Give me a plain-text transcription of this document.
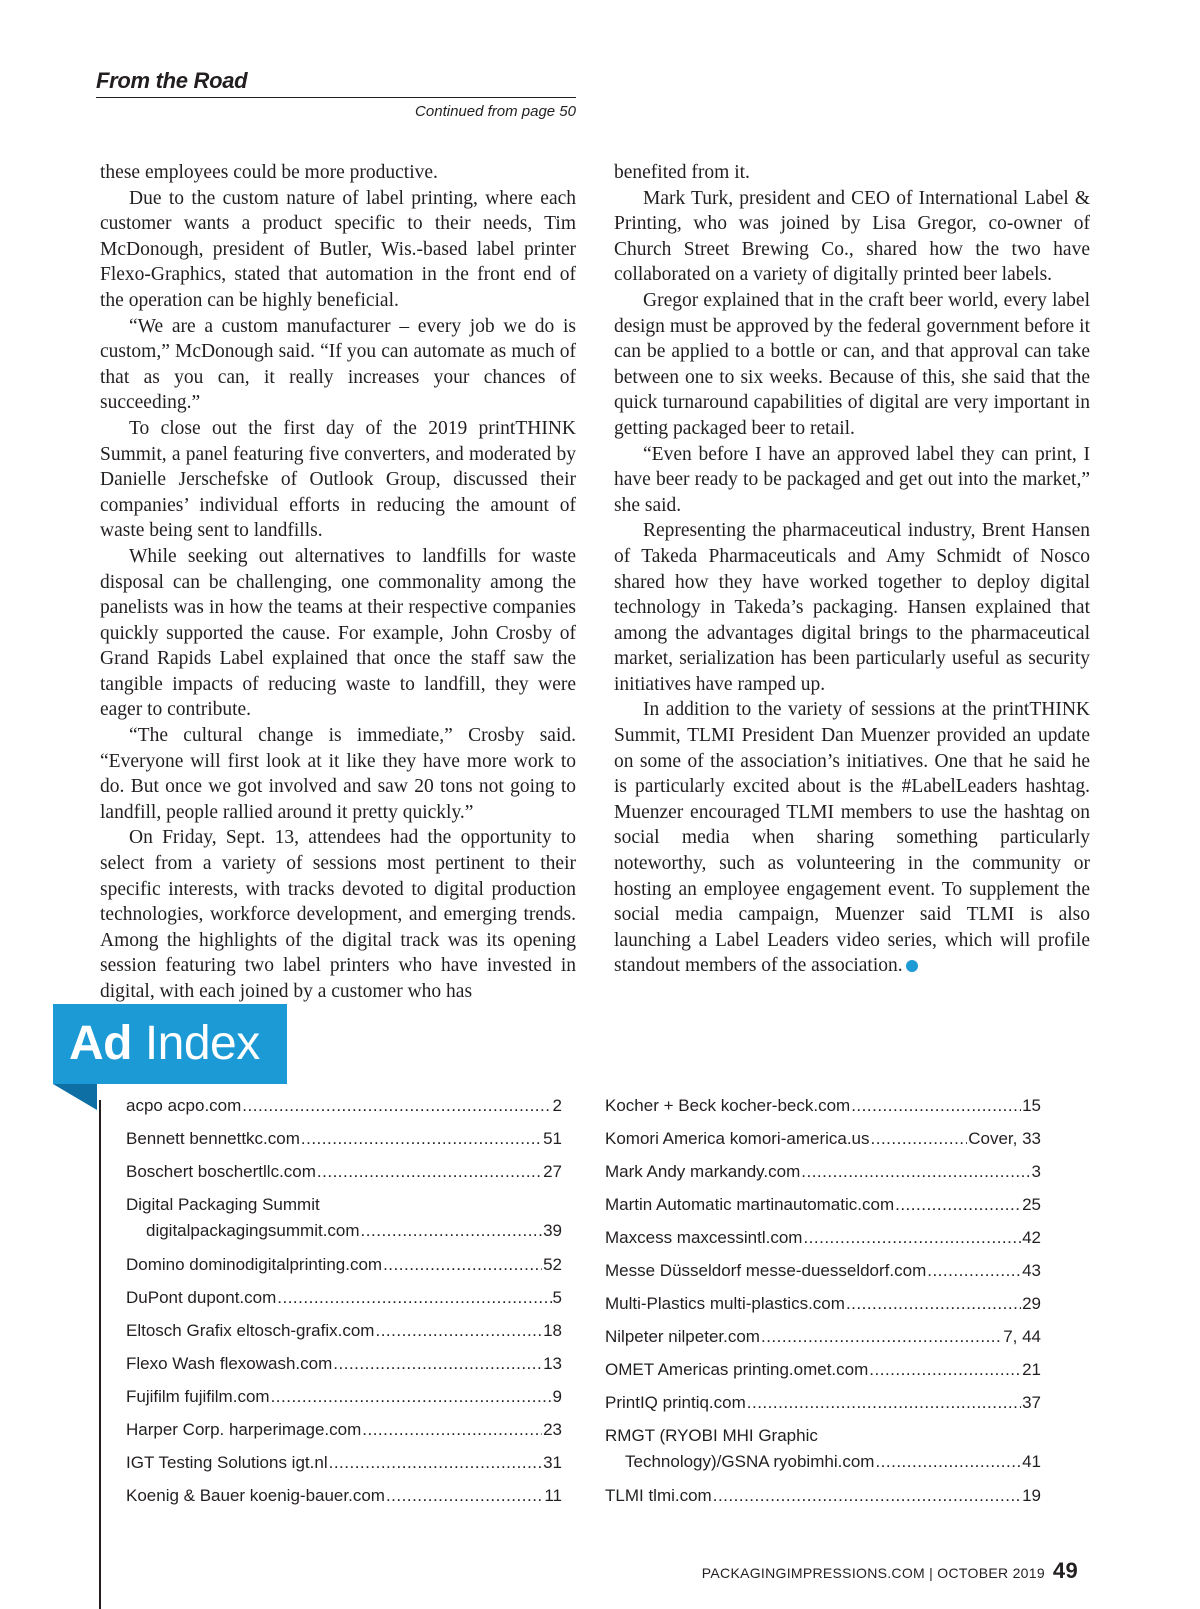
From the Road
Continued from page 50

these employees could be more productive.

Due to the custom nature of label printing, where each customer wants a product specific to their needs, Tim McDonough, president of Butler, Wis.-based label printer Flexo-Graphics, stated that automation in the front end of the operation can be highly beneficial.

“We are a custom manufacturer – every job we do is custom,” McDonough said. “If you can automate as much of that as you can, it really increases your chances of succeeding.”

To close out the first day of the 2019 printTHINK Summit, a panel featuring five converters, and moderated by Danielle Jerschefske of Outlook Group, discussed their companies’ individual efforts in reducing the amount of waste being sent to landfills.

While seeking out alternatives to landfills for waste disposal can be challenging, one commonality among the panelists was in how the teams at their respective companies quickly supported the cause. For example, John Crosby of Grand Rapids Label explained that once the staff saw the tangible impacts of reducing waste to landfill, they were eager to contribute.

“The cultural change is immediate,” Crosby said. “Everyone will first look at it like they have more work to do. But once we got involved and saw 20 tons not going to landfill, people rallied around it pretty quickly.”

On Friday, Sept. 13, attendees had the opportunity to select from a variety of sessions most pertinent to their specific interests, with tracks devoted to digital production technologies, workforce development, and emerging trends. Among the highlights of the digital track was its opening session featuring two label printers who have invested in digital, with each joined by a customer who has

benefited from it.

Mark Turk, president and CEO of International Label & Printing, who was joined by Lisa Gregor, co-owner of Church Street Brewing Co., shared how the two have collaborated on a variety of digitally printed beer labels.

Gregor explained that in the craft beer world, every label design must be approved by the federal government before it can be applied to a bottle or can, and that approval can take between one to six weeks. Because of this, she said that the quick turnaround capabilities of digital are very important in getting packaged beer to retail.

“Even before I have an approved label they can print, I have beer ready to be packaged and get out into the market,” she said.

Representing the pharmaceutical industry, Brent Hansen of Takeda Pharmaceuticals and Amy Schmidt of Nosco shared how they have worked together to deploy digital technology in Takeda’s packaging. Hansen explained that among the advantages digital brings to the pharmaceutical market, serialization has been particularly useful as security initiatives have ramped up.

In addition to the variety of sessions at the printTHINK Summit, TLMI President Dan Muenzer provided an update on some of the association’s initiatives. One that he said he is particularly excited about is the #LabelLeaders hashtag. Muenzer encouraged TLMI members to use the hashtag on social media when sharing something particularly noteworthy, such as volunteering in the community or hosting an employee engagement event. To supplement the social media campaign, Muenzer said TLMI is also launching a Label Leaders video series, which will profile standout members of the association.

Ad Index
acpo acpo.com .....	2
Bennett bennettkc.com .....	51
Boschert boschertllc.com .....	27
Digital Packaging Summit
digitalpackagingsummit.com .....	39
Domino dominodigitalprinting.com .....	52
DuPont dupont.com .....	5
Eltosch Grafix eltosch-grafix.com .....	18
Flexo Wash flexowash.com .....	13
Fujifilm fujifilm.com .....	9
Harper Corp. harperimage.com .....	23
IGT Testing Solutions igt.nl .....	31
Koenig & Bauer koenig-bauer.com .....	11
Kocher + Beck kocher-beck.com .....	15
Komori America komori-america.us .....	Cover, 33
Mark Andy markandy.com .....	3
Martin Automatic martinautomatic.com .....	25
Maxcess maxcessintl.com .....	42
Messe Düsseldorf messe-duesseldorf.com .....	43
Multi-Plastics multi-plastics.com .....	29
Nilpeter nilpeter.com .....	7, 44
OMET Americas printing.omet.com .....	21
PrintIQ printiq.com .....	37
RMGT (RYOBI MHI Graphic
Technology)/GSNA ryobimhi.com .....	41
TLMI tlmi.com .....	19
PACKAGINGIMPRESSIONS.COM | OCTOBER 2019 49
